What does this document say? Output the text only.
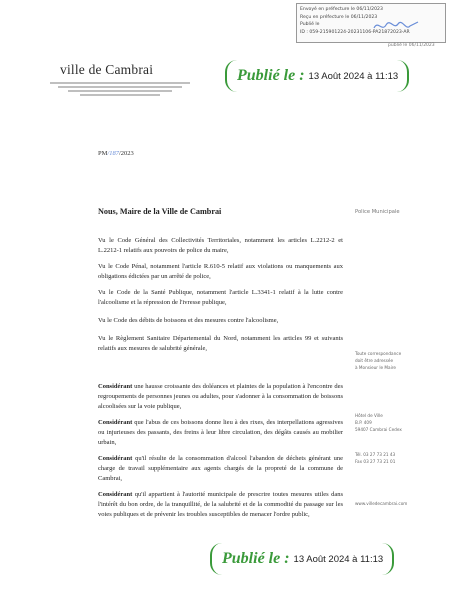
Envoyé en préfecture le 06/11/2023
Reçu en préfecture le 06/11/2023
Publié le
ID : 059-215901224-20231106-PA21872023-AR
publié le 06/11/2023
ville de Cambrai	Publié le : 13 Août 2024 à 11:13
PM/187/2023
Nous, Maire de la Ville de Cambrai	Police Municipale
Vu le Code Général des Collectivités Territoriales, notamment les articles L.2212-2 et L.2212-1 relatifs aux pouvoirs de police du maire,
Vu le Code Pénal, notamment l'article R.610-5 relatif aux violations ou manquements aux obligations édictées par un arrêté de police,
Vu le Code de la Santé Publique, notamment l'article L.3341-1 relatif à la lutte contre l'alcoolisme et la répression de l'ivresse publique,
Vu le Code des débits de boissons et des mesures contre l'alcoolisme,
Vu le Règlement Sanitaire Départemental du Nord, notamment les articles 99 et suivants relatifs aux mesures de salubrité générale,
Considérant une hausse croissante des doléances et plaintes de la population à l'encontre des regroupements de personnes jeunes ou adultes, pour s'adonner à la consommation de boissons alcoolisées sur la voie publique,
Considérant que l'abus de ces boissons donne lieu à des rixes, des interpellations agressives ou injurieuses des passants, des freins à leur libre circulation, des dégâts causés au mobilier urbain,
Considérant qu'il résulte de la consommation d'alcool l'abandon de déchets générant une charge de travail supplémentaire aux agents chargés de la propreté de la commune de Cambrai,
Considérant qu'il appartient à l'autorité municipale de prescrire toutes mesures utiles dans l'intérêt du bon ordre, de la tranquillité, de la salubrité et de la commodité du passage sur les voies publiques et de prévenir les troubles susceptibles de menacer l'ordre public,
Toute correspondance
doit être adressée
à Monsieur le Maire
Hôtel de Ville
B.P. 409
59407 Cambrai Cedex
Tél. 03 27 73 21 43
Fax 03 27 73 21 01
www.villedecambrai.com
Publié le : 13 Août 2024 à 11:13
